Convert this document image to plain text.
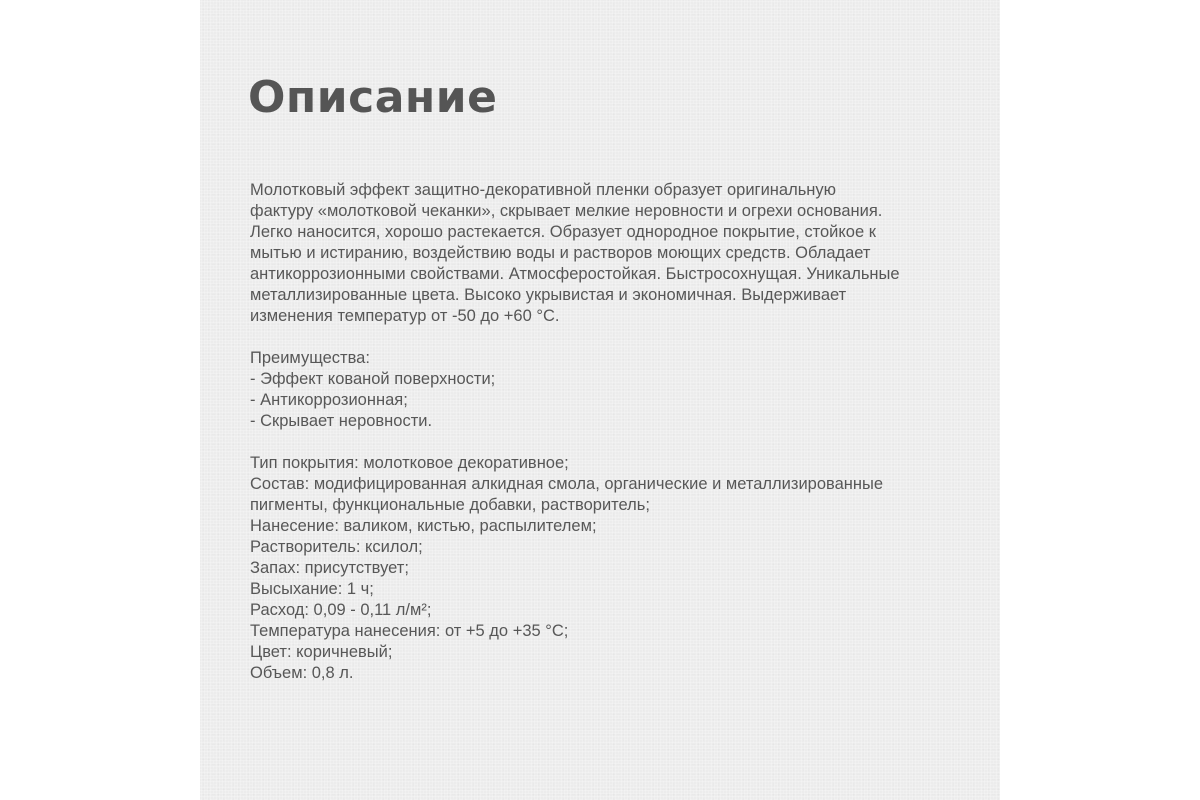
Описание

Молотковый эффект защитно-декоративной пленки образует оригинальную
фактуру «молотковой чеканки», скрывает мелкие неровности и огрехи основания.
Легко наносится, хорошо растекается. Образует однородное покрытие, стойкое к
мытью и истиранию, воздействию воды и растворов моющих средств. Обладает
антикоррозионными свойствами. Атмосферостойкая. Быстросохнущая. Уникальные
металлизированные цвета. Высоко укрывистая и экономичная. Выдерживает
изменения температур от -50 до +60 °C.

Преимущества:
- Эффект кованой поверхности;
- Антикоррозионная;
- Скрывает неровности.

Тип покрытия: молотковое декоративное;
Состав: модифицированная алкидная смола, органические и металлизированные
пигменты, функциональные добавки, растворитель;
Нанесение: валиком, кистью, распылителем;
Растворитель: ксилол;
Запах: присутствует;
Высыхание: 1 ч;
Расход: 0,09 - 0,11 л/м²;
Температура нанесения: от +5 до +35 °C;
Цвет: коричневый;
Объем: 0,8 л.
